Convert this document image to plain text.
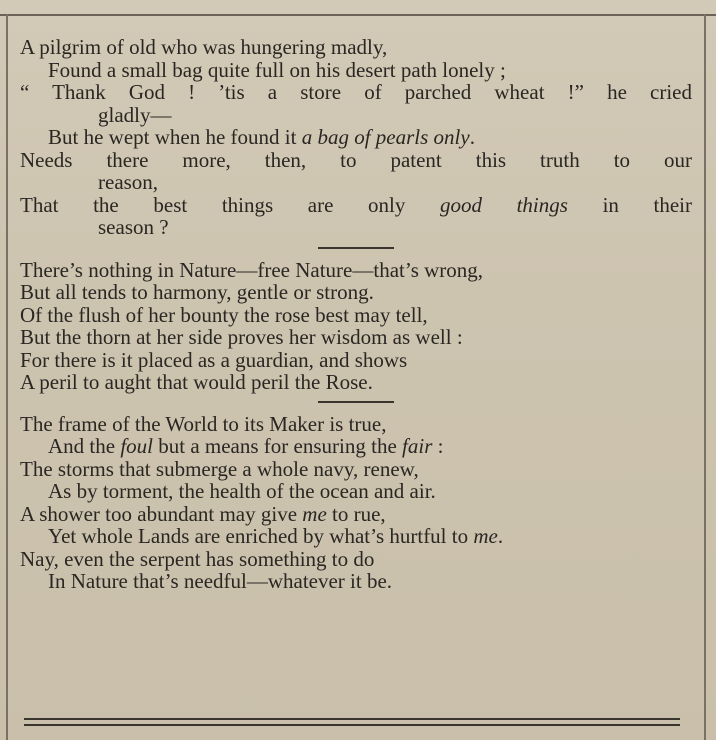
A pilgrim of old who was hungering madly,
Found a small bag quite full on his desert path lonely ;
“ Thank God ! ’tis a store of parched wheat !” he cried
gladly—
But he wept when he found it a bag of pearls only.
Needs there more, then, to patent this truth to our
reason,
That the best things are only good things in their
season ?
There’s nothing in Nature—free Nature—that’s wrong,
But all tends to harmony, gentle or strong.
Of the flush of her bounty the rose best may tell,
But the thorn at her side proves her wisdom as well :
For there is it placed as a guardian, and shows
A peril to aught that would peril the Rose.
The frame of the World to its Maker is true,
And the foul but a means for ensuring the fair :
The storms that submerge a whole navy, renew,
As by torment, the health of the ocean and air.
A shower too abundant may give me to rue,
Yet whole Lands are enriched by what’s hurtful to me.
Nay, even the serpent has something to do
In Nature that’s needful—whatever it be.
